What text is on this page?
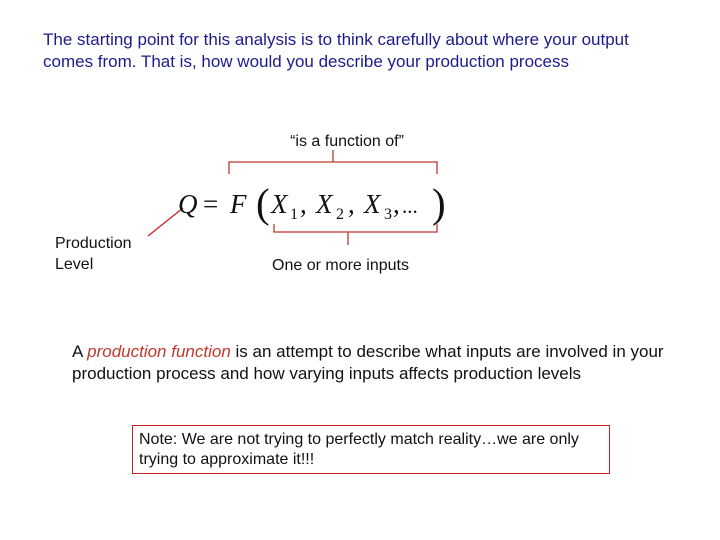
The starting point for this analysis is to think carefully about where your output comes from. That is, how would you describe your production process
“is a function of”
Q = F ( X 1 , X 2 , X 3 , ... )
Production
Level	One or more inputs
A production function is an attempt to describe what inputs are involved in your production process and how varying inputs affects production levels
Note: We are not trying to perfectly match reality…we are only trying to approximate it!!!
